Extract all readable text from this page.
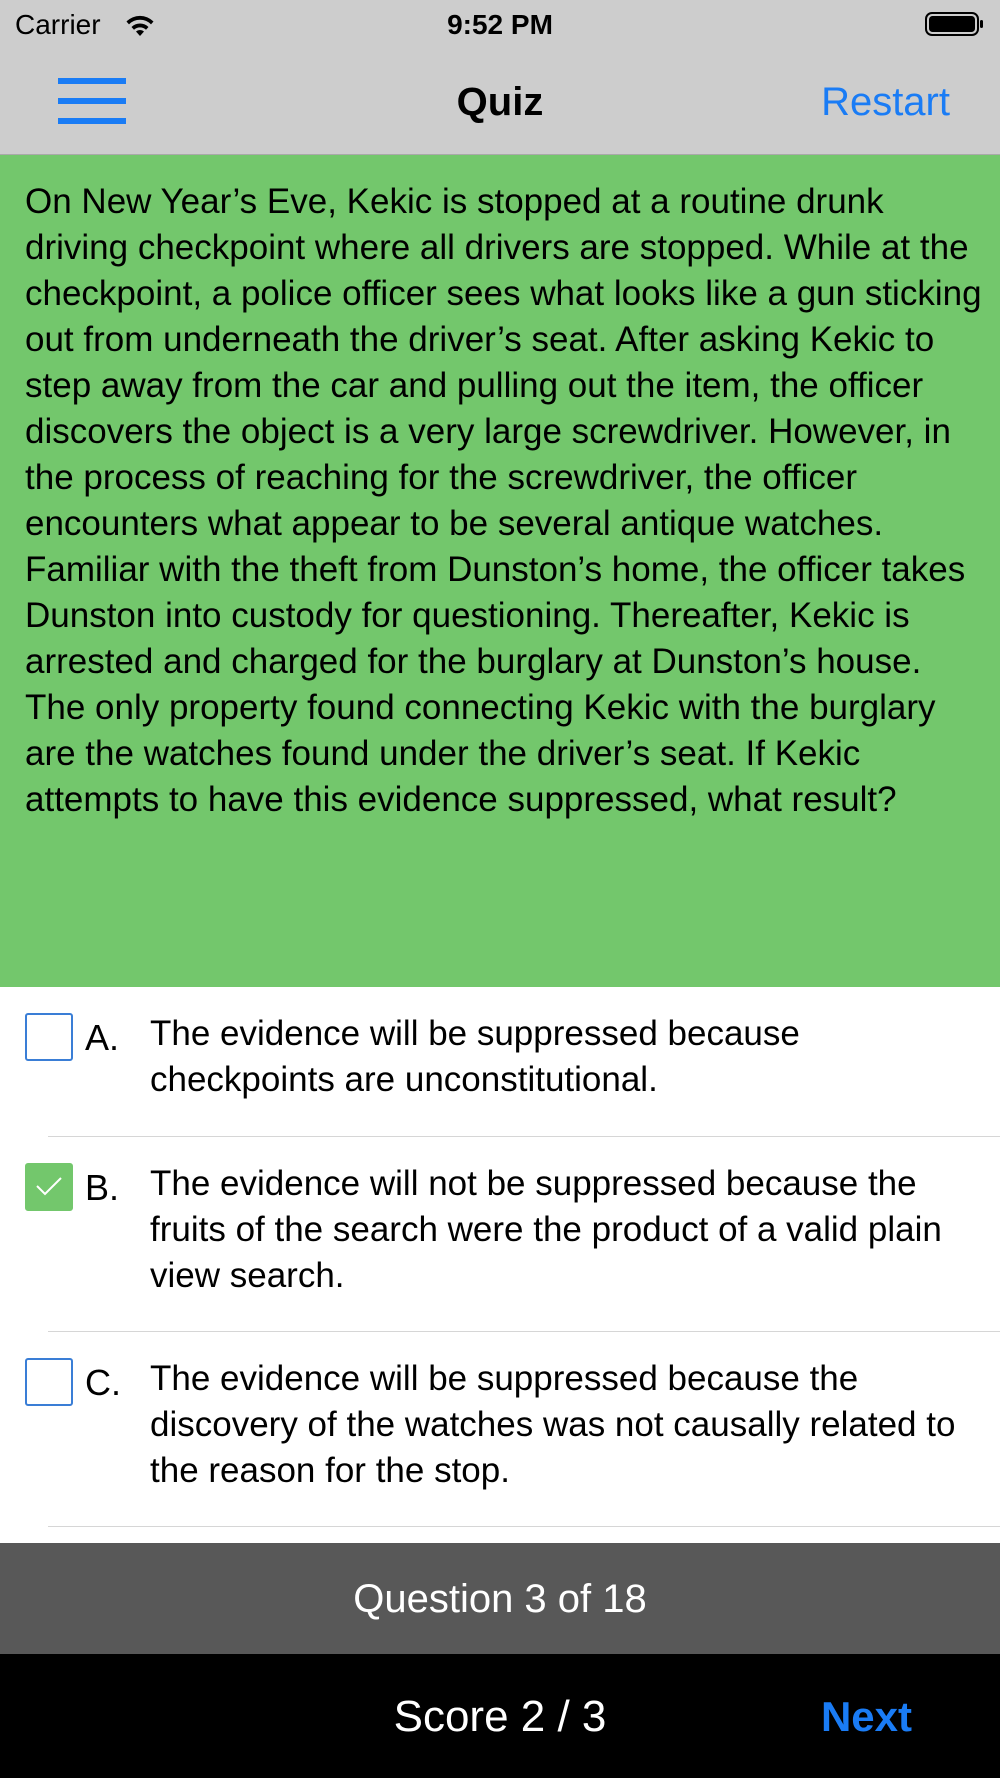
Carrier	9:52 PM
Quiz	Restart

On New Year’s Eve, Kekic is stopped at a routine drunk driving checkpoint where all drivers are stopped. While at the checkpoint, a police officer sees what looks like a gun sticking out from underneath the driver’s seat. After asking Kekic to step away from the car and pulling out the item, the officer discovers the object is a very large screwdriver. However, in the process of reaching for the screwdriver, the officer encounters what appear to be several antique watches. Familiar with the theft from Dunston’s home, the officer takes Dunston into custody for questioning. Thereafter, Kekic is arrested and charged for the burglary at Dunston’s house. The only property found connecting Kekic with the burglary are the watches found under the driver’s seat. If Kekic attempts to have this evidence suppressed, what result?

A. The evidence will be suppressed because checkpoints are unconstitutional.
B. The evidence will not be suppressed because the fruits of the search were the product of a valid plain view search.
C. The evidence will be suppressed because the discovery of the watches was not causally related to the reason for the stop.
Question 3 of 18
Score 2 / 3	Next
